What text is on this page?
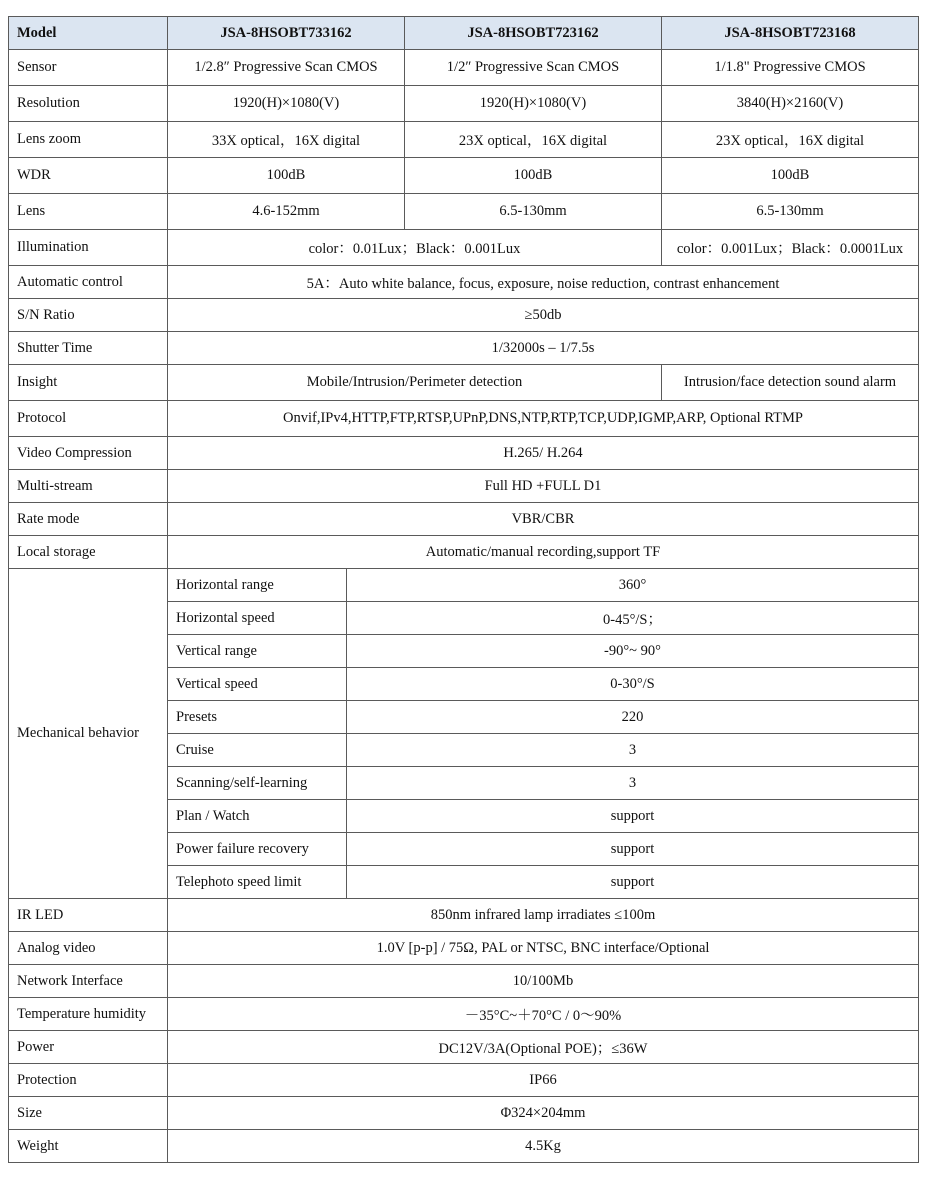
Model	JSA-8HSOBT733162		JSA-8HSOBT723162	JSA-8HSOBT723168
Sensor	1/2.8″ Progressive Scan CMOS		1/2″ Progressive Scan CMOS	1/1.8" Progressive CMOS
Resolution	1920(H)×1080(V)		1920(H)×1080(V)	3840(H)×2160(V)
Lens zoom	33X optical，16X digital		23X optical，16X digital	23X optical，16X digital
WDR	100dB		100dB	100dB
Lens	4.6-152mm		6.5-130mm	6.5-130mm
Illumination	color：0.01Lux；Black：0.001Lux			color：0.001Lux；Black：0.0001Lux
Automatic control	5A：Auto white balance, focus, exposure, noise reduction, contrast enhancement			
S/N Ratio	≥50db			
Shutter Time	1/32000s – 1/7.5s			
Insight	Mobile/Intrusion/Perimeter detection			Intrusion/face detection sound alarm
Protocol	Onvif,IPv4,HTTP,FTP,RTSP,UPnP,DNS,NTP,RTP,TCP,UDP,IGMP,ARP, Optional RTMP			
Video Compression	H.265/ H.264			
Multi-stream	Full HD +FULL D1			
Rate mode	VBR/CBR			
Local storage	Automatic/manual recording,support TF			
Mechanical behavior	Horizontal range	360°		
	Horizontal speed	0-45°/S；		
	Vertical range	-90°~ 90°		
	Vertical speed	0-30°/S		
	Presets	220		
	Cruise	3		
	Scanning/self-learning	3		
	Plan / Watch	support		
	Power failure recovery	support		
	Telephoto speed limit	support		
IR LED	850nm infrared lamp irradiates ≤100m			
Analog video	1.0V [p-p] / 75Ω, PAL or NTSC, BNC interface/Optional			
Network Interface	10/100Mb			
Temperature humidity	－35°C~＋70°C / 0～90%			
Power	DC12V/3A(Optional POE)；≤36W			
Protection	IP66			
Size	Φ324×204mm			
Weight	4.5Kg			
